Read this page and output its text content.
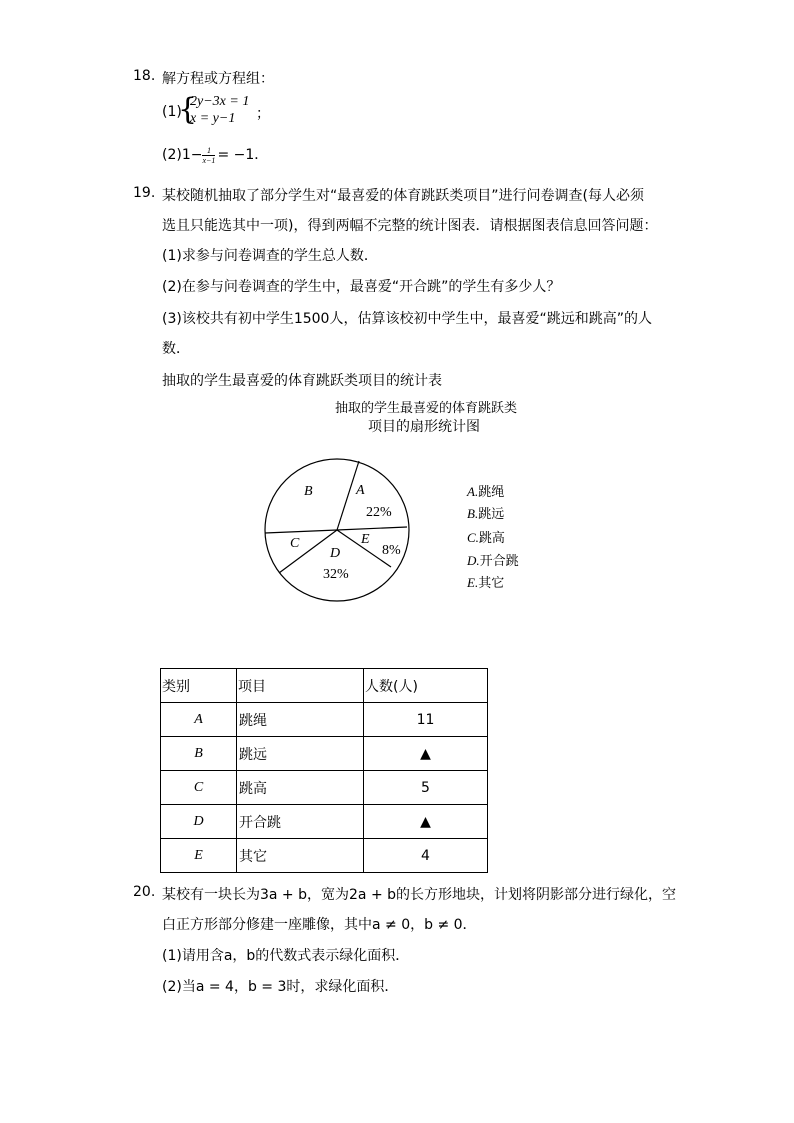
18. 解方程或方程组：
(1)
{
2y−3x = 1
x = y−1 ；
$(2)1- \frac{1}{x-1} = -1$．
19. 某校随机抽取了部分学生对“最喜爱的体育跳跃类项目”进行问卷调查(每人必须
选且只能选其中一项)，得到两幅不完整的统计图表．请根据图表信息回答问题：
(1)求参与问卷调查的学生总人数．
(2)在参与问卷调查的学生中，最喜爱“开合跳”的学生有多少人？
(3)该校共有初中学生1500人，估算该校初中学生中，最喜爱“跳远和跳高”的人
数．
抽取的学生最喜爱的体育跳跃类项目的统计表
抽取的学生最喜爱的体育跳跃类
项目的扇形统计图
B	A
22%
C
D
32%
E
8%
A.跳绳
B.跳远
C.跳高
D.开合跳
E.其它
类别	项目	人数(人)
A	跳绳	11
B	跳远	▲
C	跳高	5
D	开合跳	▲
E	其它	4
20. 某校有一块长为3a + b，宽为2a + b的长方形地块，计划将阴影部分进行绿化，空
白正方形部分修建一座雕像，其中a ≠ 0，b ≠ 0．
(1)请用含a，b的代数式表示绿化面积．
(2)当a = 4，b = 3时，求绿化面积．
